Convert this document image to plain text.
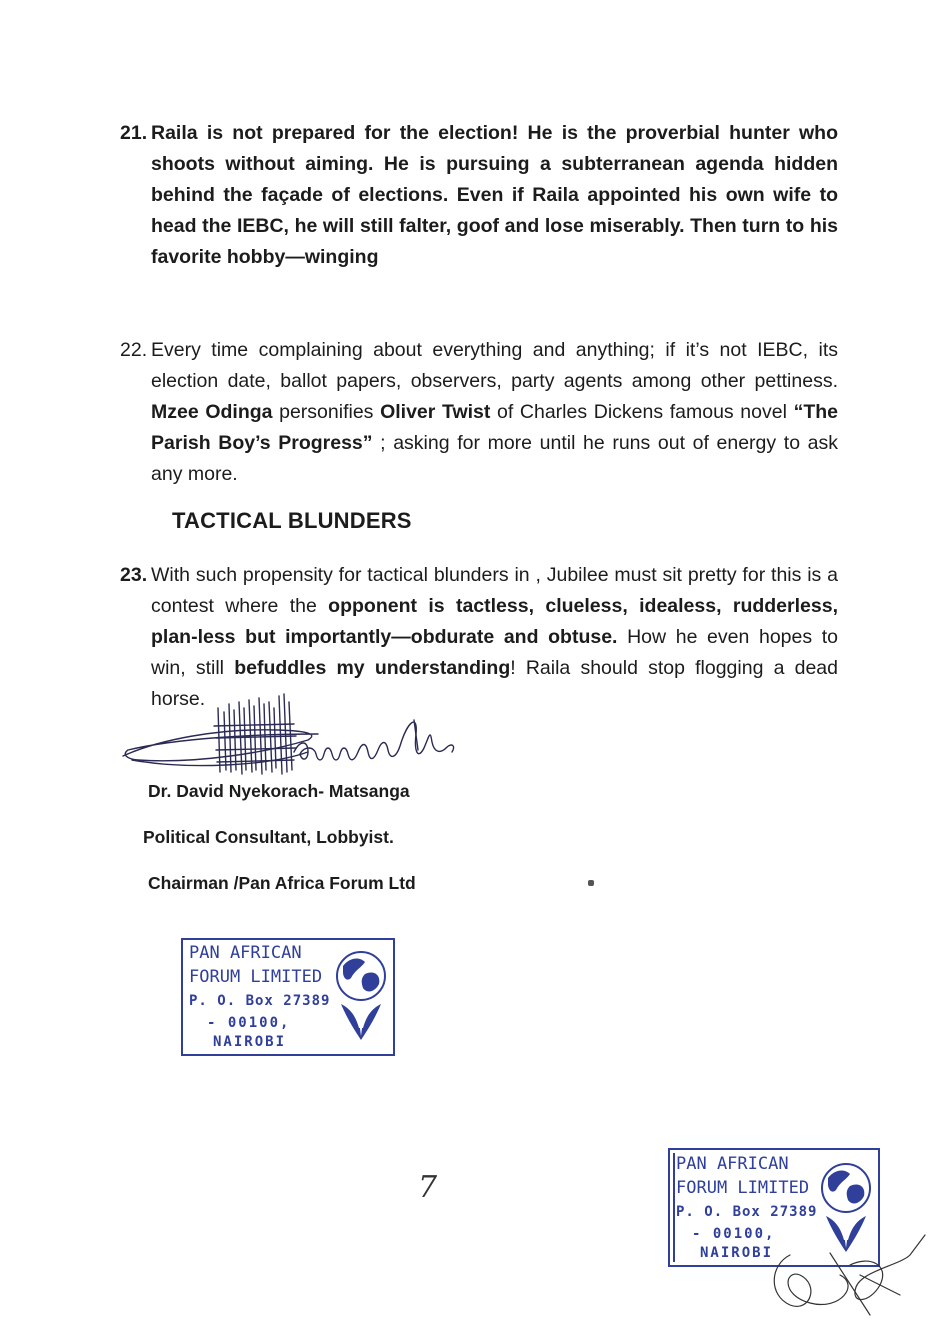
21. Raila is not prepared for the election! He is the proverbial hunter who shoots without aiming. He is pursuing a subterranean agenda hidden behind the façade of elections. Even if Raila appointed his own wife to head the IEBC, he will still falter, goof and lose miserably. Then turn to his favorite hobby—winging
22. Every time complaining about everything and anything; if it’s not IEBC, its election date, ballot papers, observers, party agents among other pettiness. Mzee Odinga personifies Oliver Twist of Charles Dickens famous novel “The Parish Boy’s Progress” ; asking for more until he runs out of energy to ask any more.
TACTICAL BLUNDERS
23. With such propensity for tactical blunders in , Jubilee must sit pretty for this is a contest where the opponent is tactless, clueless, idealess, rudderless, plan-less but importantly—obdurate and obtuse. How he even hopes to win, still befuddles my understanding! Raila should stop flogging a dead horse.
Dr. David Nyekorach- Matsanga
Political Consultant, Lobbyist.
Chairman /Pan Africa Forum Ltd
PAN AFRICAN
FORUM LIMITED
P. O. Box 27389
- 00100,
NAIROBI
7
PAN AFRICAN
FORUM LIMITED
P. O. Box 27389
- 00100,
NAIROBI
